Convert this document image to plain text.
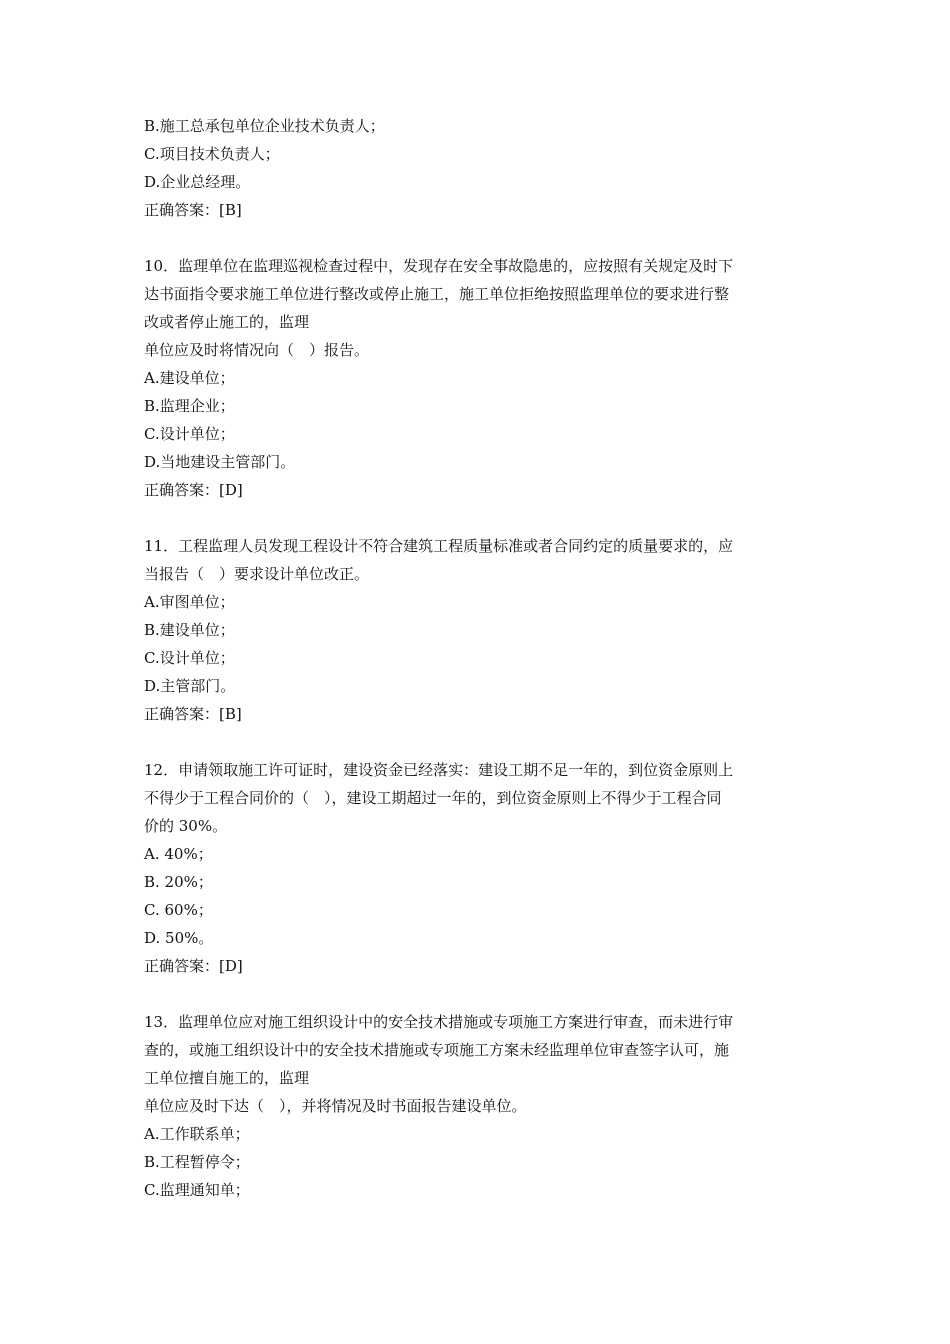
B.施工总承包单位企业技术负责人；
C.项目技术负责人；
D.企业总经理。
正确答案：[B]
10．监理单位在监理巡视检查过程中，发现存在安全事故隐患的，应按照有关规定及时下
达书面指令要求施工单位进行整改或停止施工，施工单位拒绝按照监理单位的要求进行整
改或者停止施工的，监理
单位应及时将情况向（　）报告。
A.建设单位；
B.监理企业；
C.设计单位；
D.当地建设主管部门。
正确答案：[D]
11．工程监理人员发现工程设计不符合建筑工程质量标准或者合同约定的质量要求的，应
当报告（　）要求设计单位改正。
A.审图单位；
B.建设单位；
C.设计单位；
D.主管部门。
正确答案：[B]
12．申请领取施工许可证时，建设资金已经落实：建设工期不足一年的，到位资金原则上
不得少于工程合同价的（　），建设工期超过一年的，到位资金原则上不得少于工程合同
价的 30%。
A. 40%；
B. 20%；
C. 60%；
D. 50%。
正确答案：[D]
13．监理单位应对施工组织设计中的安全技术措施或专项施工方案进行审查，而未进行审
查的，或施工组织设计中的安全技术措施或专项施工方案未经监理单位审查签字认可，施
工单位擅自施工的，监理
单位应及时下达（　），并将情况及时书面报告建设单位。
A.工作联系单；
B.工程暂停令；
C.监理通知单；
